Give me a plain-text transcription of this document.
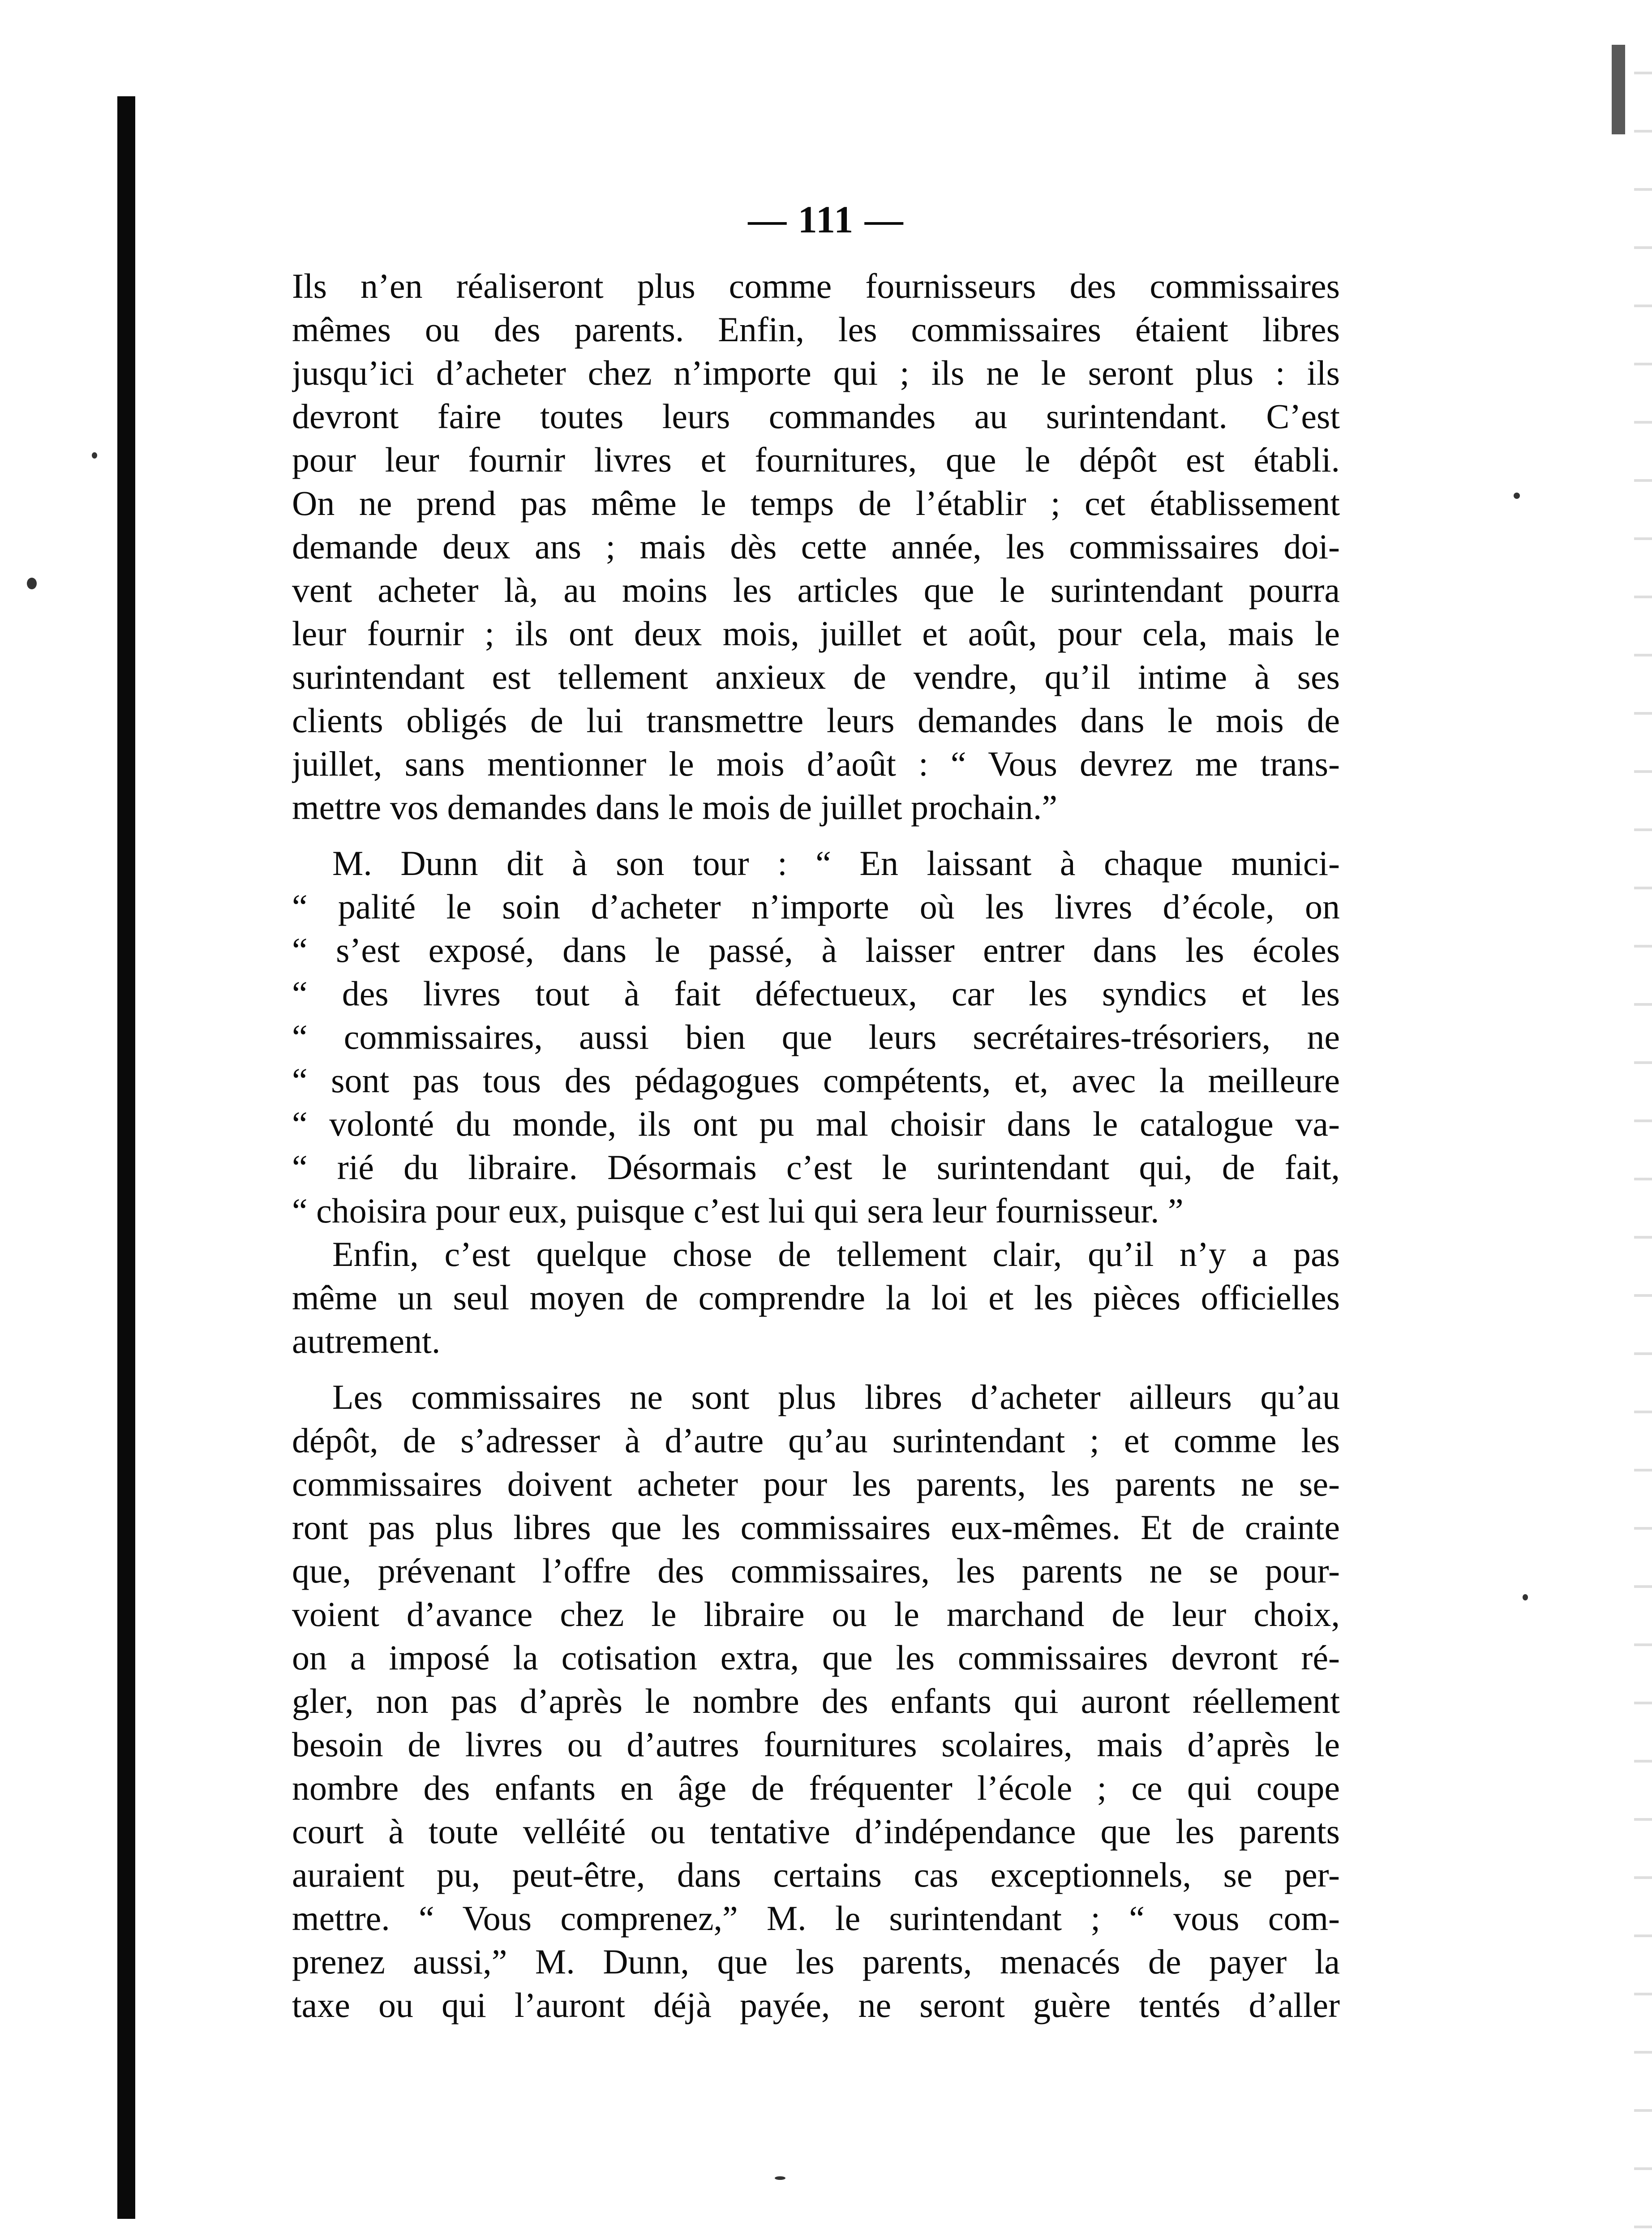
— 111 —
Ils n’en réaliseront plus comme fournisseurs des commissaires
mêmes ou des parents. Enfin, les commissaires étaient libres
jusqu’ici d’acheter chez n’importe qui ; ils ne le seront plus : ils
devront faire toutes leurs commandes au surintendant. C’est
pour leur fournir livres et fournitures, que le dépôt est établi.
On ne prend pas même le temps de l’établir ; cet établissement
demande deux ans ; mais dès cette année, les commissaires doi-
vent acheter là, au moins les articles que le surintendant pourra
leur fournir ; ils ont deux mois, juillet et août, pour cela, mais le
surintendant est tellement anxieux de vendre, qu’il intime à ses
clients obligés de lui transmettre leurs demandes dans le mois de
juillet, sans mentionner le mois d’août : “ Vous devrez me trans-
mettre vos demandes dans le mois de juillet prochain.”
M. Dunn dit à son tour : “ En laissant à chaque munici-
“ palité le soin d’acheter n’importe où les livres d’école, on
“ s’est exposé, dans le passé, à laisser entrer dans les écoles
“ des livres tout à fait défectueux, car les syndics et les
“ commissaires, aussi bien que leurs secrétaires-trésoriers, ne
“ sont pas tous des pédagogues compétents, et, avec la meilleure
“ volonté du monde, ils ont pu mal choisir dans le catalogue va-
“ rié du libraire. Désormais c’est le surintendant qui, de fait,
“ choisira pour eux, puisque c’est lui qui sera leur fournisseur. ”
Enfin, c’est quelque chose de tellement clair, qu’il n’y a pas
même un seul moyen de comprendre la loi et les pièces officielles
autrement.
Les commissaires ne sont plus libres d’acheter ailleurs qu’au
dépôt, de s’adresser à d’autre qu’au surintendant ; et comme les
commissaires doivent acheter pour les parents, les parents ne se-
ront pas plus libres que les commissaires eux-mêmes. Et de crainte
que, prévenant l’offre des commissaires, les parents ne se pour-
voient d’avance chez le libraire ou le marchand de leur choix,
on a imposé la cotisation extra, que les commissaires devront ré-
gler, non pas d’après le nombre des enfants qui auront réellement
besoin de livres ou d’autres fournitures scolaires, mais d’après le
nombre des enfants en âge de fréquenter l’école ; ce qui coupe
court à toute velléité ou tentative d’indépendance que les parents
auraient pu, peut-être, dans certains cas exceptionnels, se per-
mettre. “ Vous comprenez,” M. le surintendant ; “ vous com-
prenez aussi,” M. Dunn, que les parents, menacés de payer la
taxe ou qui l’auront déjà payée, ne seront guère tentés d’aller
